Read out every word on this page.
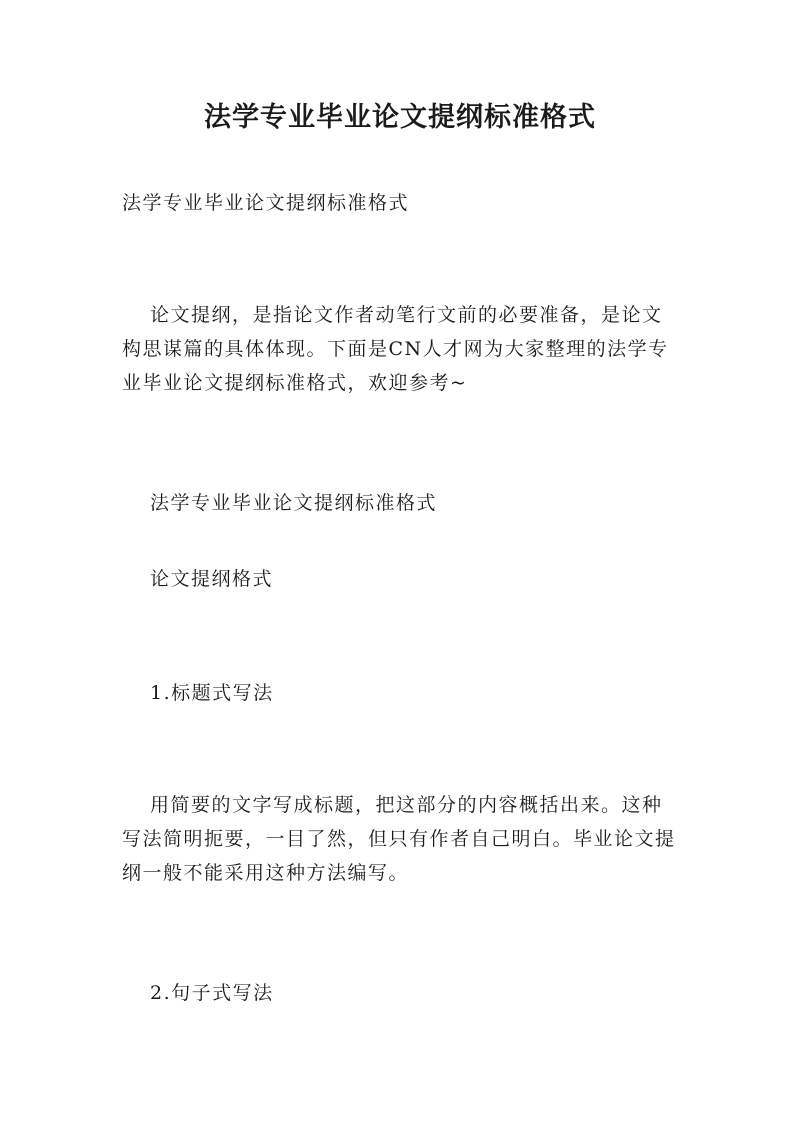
法学专业毕业论文提纲标准格式

法学专业毕业论文提纲标准格式

论文提纲，是指论文作者动笔行文前的必要准备，是论文构思谋篇的具体体现。下面是CN人才网为大家整理的法学专业毕业论文提纲标准格式，欢迎参考~

法学专业毕业论文提纲标准格式

论文提纲格式

1.标题式写法

用简要的文字写成标题，把这部分的内容概括出来。这种写法简明扼要，一目了然，但只有作者自己明白。毕业论文提纲一般不能采用这种方法编写。

2.句子式写法
